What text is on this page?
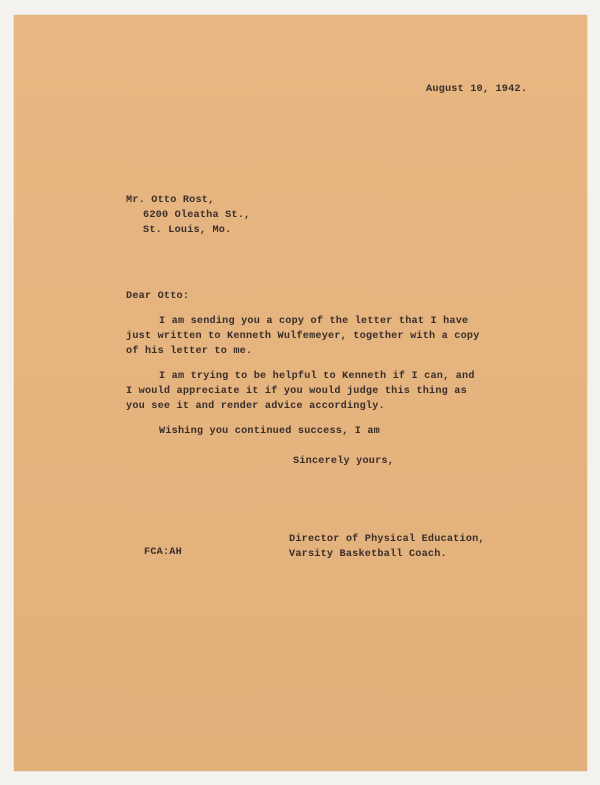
August 10, 1942.
Mr. Otto Rost,
6200 Oleatha St.,
St. Louis, Mo.
Dear Otto:
I am sending you a copy of the letter that I have
just written to Kenneth Wulfemeyer, together with a copy
of his letter to me.
I am trying to be helpful to Kenneth if I can, and
I would appreciate it if you would judge this thing as
you see it and render advice accordingly.
Wishing you continued success, I am
Sincerely yours,
Director of Physical Education,
Varsity Basketball Coach.
FCA:AH
